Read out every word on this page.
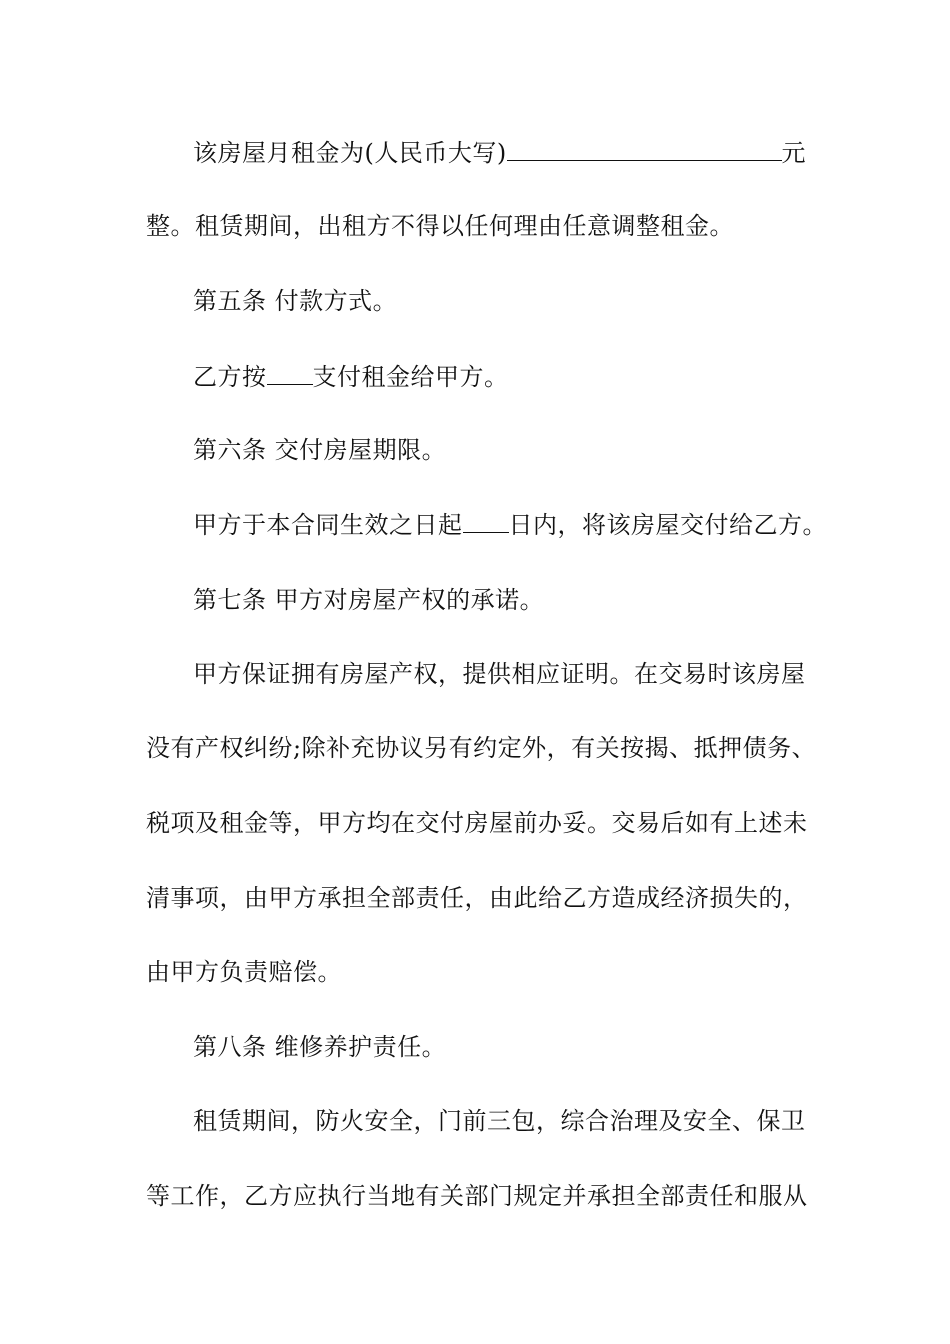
该房屋月租金为(人民币大写)	元
整。租赁期间，出租方不得以任何理由任意调整租金。
第五条 付款方式。
乙方按 支付租金给甲方。
第六条 交付房屋期限。
甲方于本合同生效之日起 日内，将该房屋交付给乙方。
第七条 甲方对房屋产权的承诺。
甲方保证拥有房屋产权，提供相应证明。在交易时该房屋
没有产权纠纷;除补充协议另有约定外，有关按揭、抵押债务、
税项及租金等，甲方均在交付房屋前办妥。交易后如有上述未
清事项，由甲方承担全部责任，由此给乙方造成经济损失的，
由甲方负责赔偿。
第八条 维修养护责任。
租赁期间，防火安全，门前三包，综合治理及安全、保卫
等工作，乙方应执行当地有关部门规定并承担全部责任和服从
